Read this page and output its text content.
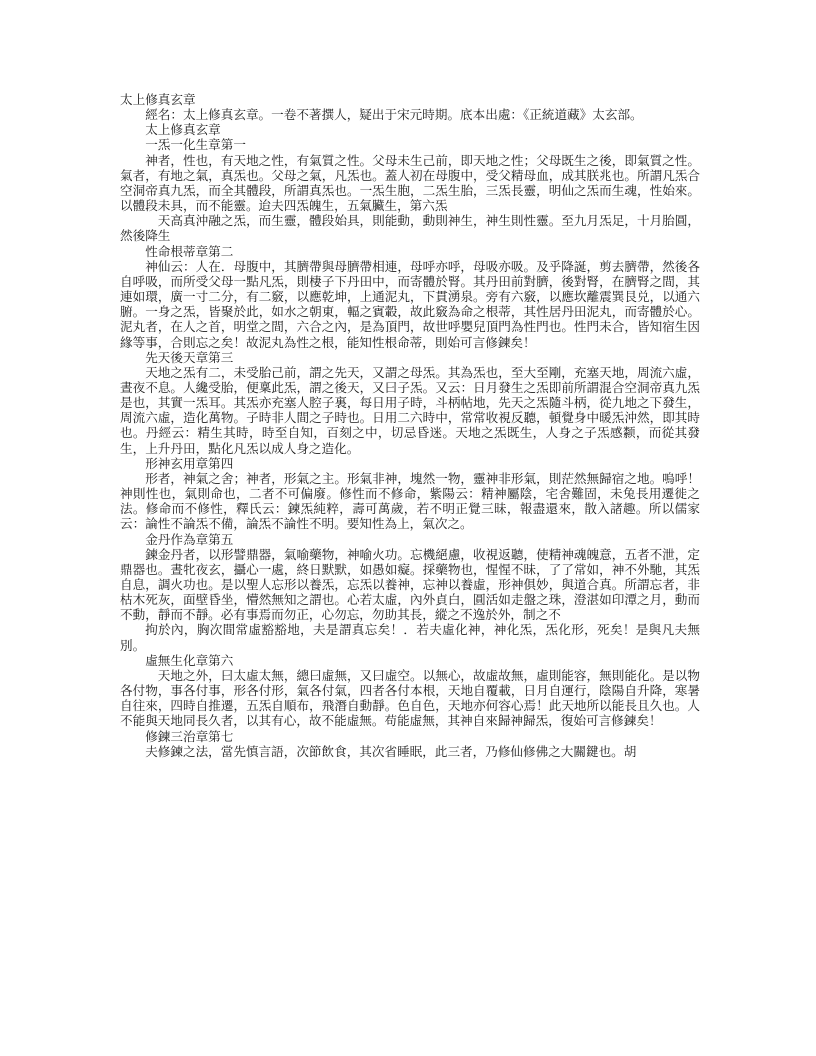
太上修真玄章

經名：太上修真玄章。一卷不著撰人，疑出于宋元時期。底本出處：《正統道藏》太玄部。

太上修真玄章

一炁一化生章第一

神者，性也，有天地之性，有氣質之性。父母未生己前，即天地之性；父母既生之後，即氣質之性。氣者，有地之氣，真炁也。父母之氣，凡炁也。蓋人初在母腹中，受父精母血，成其朕兆也。所謂凡炁合空洞帝真九炁，而全其體段，所謂真炁也。一炁生胞，二炁生胎，三炁長靈，明仙之炁而生魂，性始來。以體段未具，而不能靈。迨夫四炁魄生，五氣臟生，第六炁

天高真沖融之炁，而生靈，體段始具，則能動，動則神生，神生則性靈。至九月炁足，十月胎圓，然後降生

性命根蒂章第二

神仙云：人在．母腹中，其臍帶與母臍帶相連，母呼亦呼，母吸亦吸。及乎降誕，剪去臍帶，然後各自呼吸，而所受父母一點凡炁，則棲子下丹田中，而寄體於腎。其丹田前對臍，後對腎，在臍腎之間，其連如環，廣一寸二分，有二竅，以應乾坤，上通泥丸，下貫湧泉。旁有六竅，以應坎離震巽艮兑，以通六腑。一身之炁，皆聚於此，如水之朝東，輻之賓轂，故此竅為命之根蒂，其性居丹田泥丸，而寄體於心。泥丸者，在人之首，明堂之間，六合之內，是為頂門，故世呼嬰兒頂門為性門也。性門未合，皆知宿生因緣等事，合則忘之矣！故泥丸為性之根，能知性根命蒂，則始可言修鍊矣！

先天後天章第三

天地之炁有二，未受胎己前，謂之先天，又謂之母炁。其為炁也，至大至剛，充塞天地，周流六虛，晝夜不息。人纔受胎，便稟此炁，謂之後天，又曰子炁。又云：日月發生之炁即前所謂混合空洞帝真九炁是也，其實一炁耳。其炁亦充塞人腔子裏，每日用子時，斗柄帖地，先天之炁隨斗柄，從九地之下發生，周流六虛，造化萬物。子時非人間之子時也。日用二六時中，常常收視反聽，頓覺身中暖炁沖然，即其時也。丹經云：精生其時，時至自知，百刻之中，切忌昏迷。天地之炁既生，人身之子炁感颣，而從其發生，上升丹田，點化凡炁以成人身之造化。

形神玄用章第四

形者，神氣之舍；神者，形氣之主。形氣非神，塊然一物，靈神非形氣，則茫然無歸宿之地。嗚呼！神則性也，氣則命也，二者不可偏廢。修性而不修命，紫陽云：精神屬陰，宅舍難固，未兔長用遷徙之法。修命而不修性，釋氏云：鍊炁純粹，壽可萬歲，若不明正覺三昧，報盡還來，散入諸趣。所以儒家云：論性不論炁不備，論炁不論性不明。要知性為上，氣次之。

金丹作為章第五

鍊金丹者，以形譬鼎器，氣喻藥物，神喻火功。忘機絕慮，收視返聽，使精神魂魄意，五者不泄，定鼎器也。晝牝夜玄，攝心一處，終日默默，如愚如癡。採藥物也，惺惺不昧，了了常如，神不外馳，其炁自息，調火功也。是以聖人忘形以養炁，忘炁以養神，忘神以養虛，形神俱妙，與道合真。所謂忘者，非枯木死灰，面壁昏坐，懵然無知之謂也。心若太虛，內外貞白，圓活如走盤之珠，澄湛如印潭之月，動而不動，靜而不靜。必有事焉而勿正，心勿忘，勿助其長，縱之不逸於外，制之不

拘於內，胸次間常虛豁豁地，夫是謂真忘矣！．若夫虛化神，神化炁，炁化形，死矣！是與凡夫無別。

虛無生化章第六

天地之外，曰太虛太無，總曰虛無，又曰虛空。以無心，故虛故無，虛則能容，無則能化。是以物各付物，事各付事，形各付形，氣各付氣，四者各付本根，天地自覆載，日月自運行，陰陽自升降，寒暑自往來，四時自推遷，五炁自順布，飛潛自動靜。色自色，天地亦何容心焉！此天地所以能長且久也。人不能與天地同長久者，以其有心，故不能虛無。苟能虛無，其神自來歸神歸炁，復始可言修鍊矣！

修鍊三治章第七

夫修鍊之法，當先慎言語，次節飲食，其次省睡眠，此三者，乃修仙修佛之大關鍵也。胡
